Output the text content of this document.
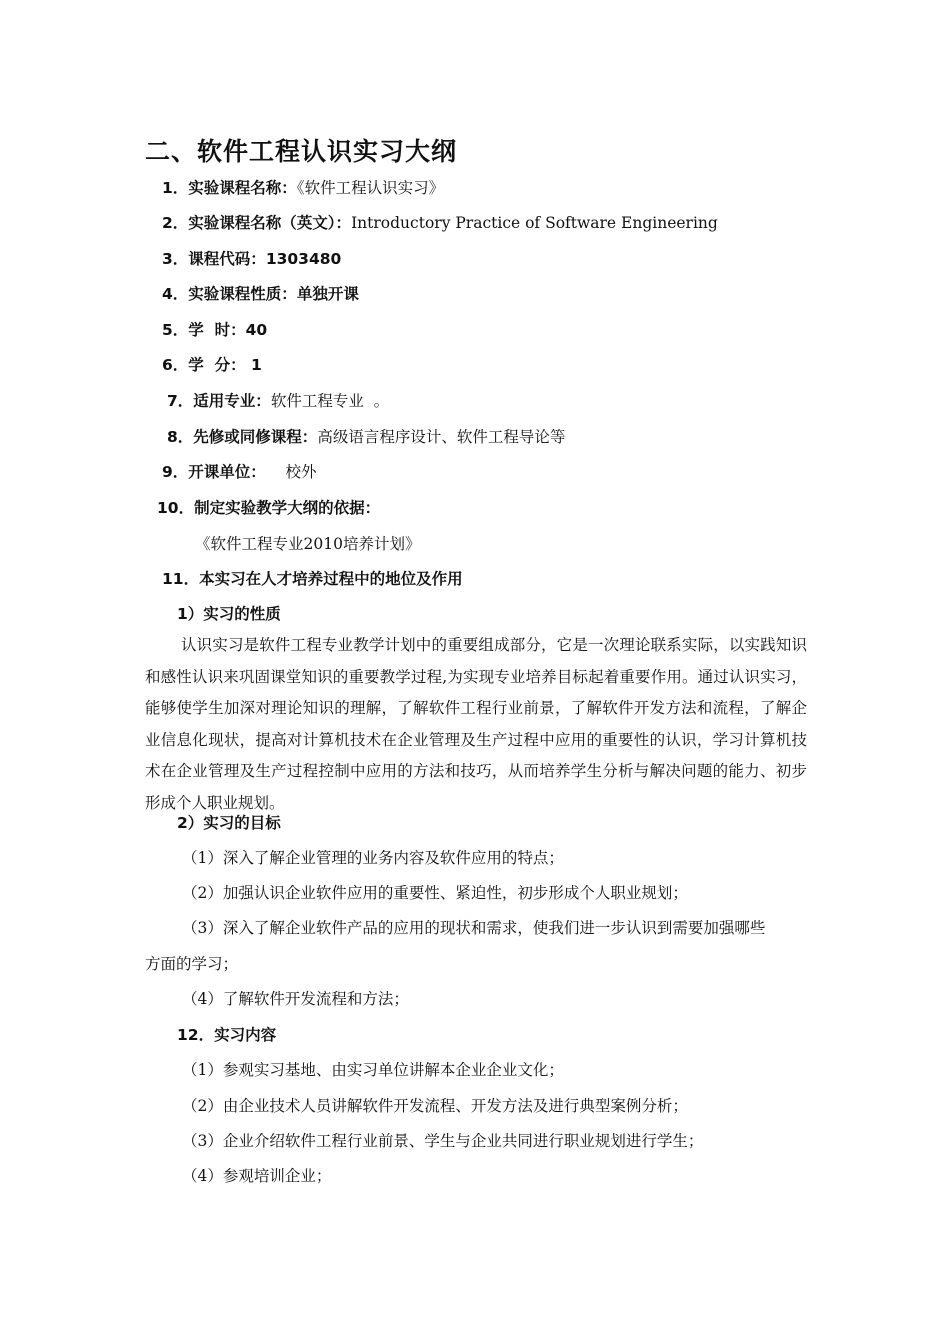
二、软件工程认识实习大纲
1．实验课程名称：《软件工程认识实习》
2．实验课程名称（英文）：Introductory Practice of Software Engineering
3．课程代码：1303480
4．实验课程性质：单独开课
5．学  时：40
6．学  分： 1
7．适用专业：软件工程专业  。
8．先修或同修课程：高级语言程序设计、软件工程导论等
9．开课单位：    校外
10．制定实验教学大纲的依据：
《软件工程专业2010培养计划》
11．本实习在人才培养过程中的地位及作用
1）实习的性质
认识实习是软件工程专业教学计划中的重要组成部分，它是一次理论联系实际，以实践知识和感性认识来巩固课堂知识的重要教学过程,为实现专业培养目标起着重要作用。通过认识实习，能够使学生加深对理论知识的理解，了解软件工程行业前景，了解软件开发方法和流程，了解企业信息化现状，提高对计算机技术在企业管理及生产过程中应用的重要性的认识，学习计算机技术在企业管理及生产过程控制中应用的方法和技巧，从而培养学生分析与解决问题的能力、初步形成个人职业规划。
2）实习的目标
（1）深入了解企业管理的业务内容及软件应用的特点；
（2）加强认识企业软件应用的重要性、紧迫性，初步形成个人职业规划；
（3）深入了解企业软件产品的应用的现状和需求，使我们进一步认识到需要加强哪些
方面的学习；
（4）了解软件开发流程和方法；
12．实习内容
（1）参观实习基地、由实习单位讲解本企业企业文化；
（2）由企业技术人员讲解软件开发流程、开发方法及进行典型案例分析；
（3）企业介绍软件工程行业前景、学生与企业共同进行职业规划进行学生；
（4）参观培训企业；
